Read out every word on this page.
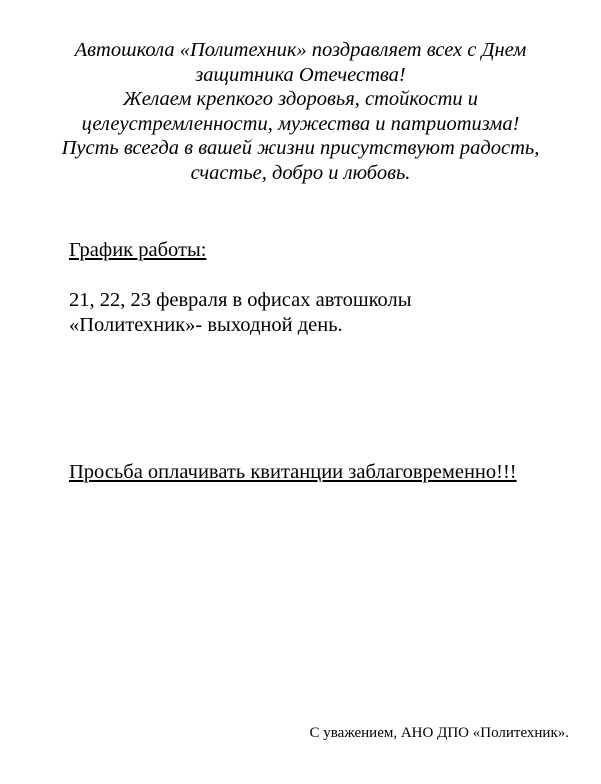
Автошкола «Политехник» поздравляет всех с Днем
защитника Отечества!
Желаем крепкого здоровья, стойкости и
целеустремленности, мужества и патриотизма!
Пусть всегда в вашей жизни присутствуют радость,
счастье, добро и любовь.
График работы:
21, 22, 23 февраля в офисах автошколы
«Политехник»- выходной день.
Просьба оплачивать квитанции заблаговременно!!!
С уважением, АНО ДПО «Политехник».
